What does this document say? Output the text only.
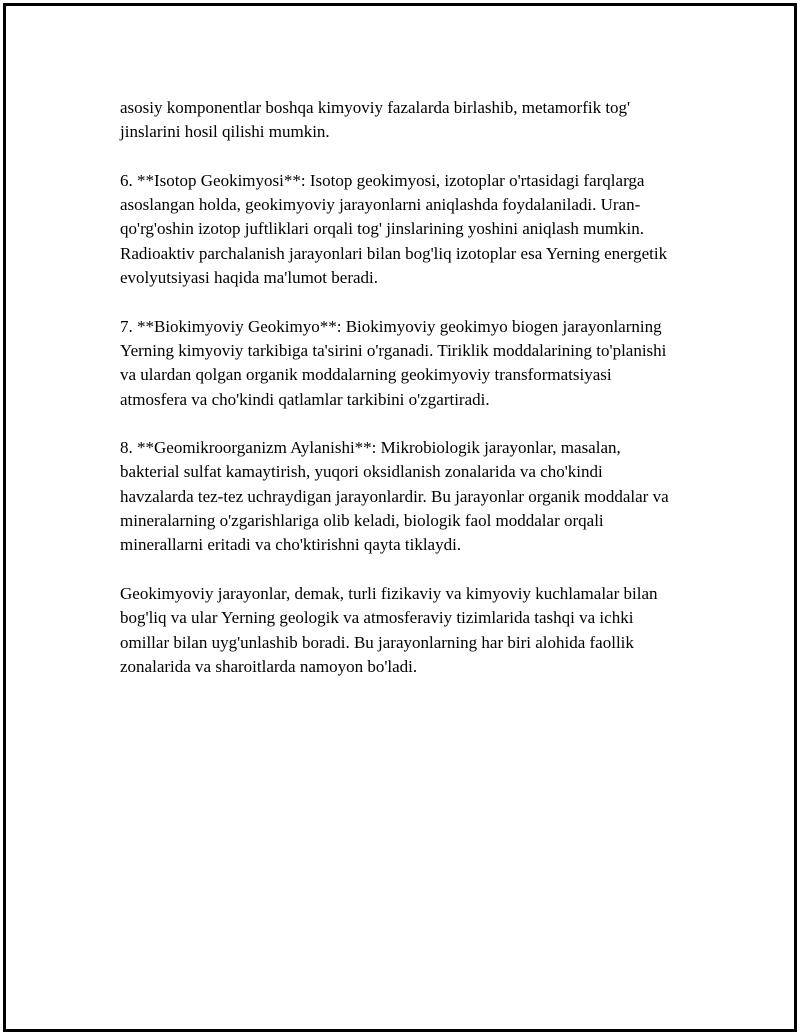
asosiy komponentlar boshqa kimyoviy fazalarda birlashib, metamorfik tog' jinslarini hosil qilishi mumkin.

6. **Isotop Geokimyosi**: Isotop geokimyosi, izotoplar o'rtasidagi farqlarga asoslangan holda, geokimyoviy jarayonlarni aniqlashda foydalaniladi. Uran-qo'rg'oshin izotop juftliklari orqali tog' jinslarining yoshini aniqlash mumkin. Radioaktiv parchalanish jarayonlari bilan bog'liq izotoplar esa Yerning energetik evolyutsiyasi haqida ma'lumot beradi.

7. **Biokimyoviy Geokimyo**: Biokimyoviy geokimyo biogen jarayonlarning Yerning kimyoviy tarkibiga ta'sirini o'rganadi. Tiriklik moddalarining to'planishi va ulardan qolgan organik moddalarning geokimyoviy transformatsiyasi atmosfera va cho'kindi qatlamlar tarkibini o'zgartiradi.

8. **Geomikroorganizm Aylanishi**: Mikrobiologik jarayonlar, masalan, bakterial sulfat kamaytirish, yuqori oksidlanish zonalarida va cho'kindi havzalarda tez-tez uchraydigan jarayonlardir. Bu jarayonlar organik moddalar va mineralarning o'zgarishlariga olib keladi, biologik faol moddalar orqali minerallarni eritadi va cho'ktirishni qayta tiklaydi.

Geokimyoviy jarayonlar, demak, turli fizikaviy va kimyoviy kuchlamalar bilan bog'liq va ular Yerning geologik va atmosferaviy tizimlarida tashqi va ichki omillar bilan uyg'unlashib boradi. Bu jarayonlarning har biri alohida faollik zonalarida va sharoitlarda namoyon bo'ladi.
